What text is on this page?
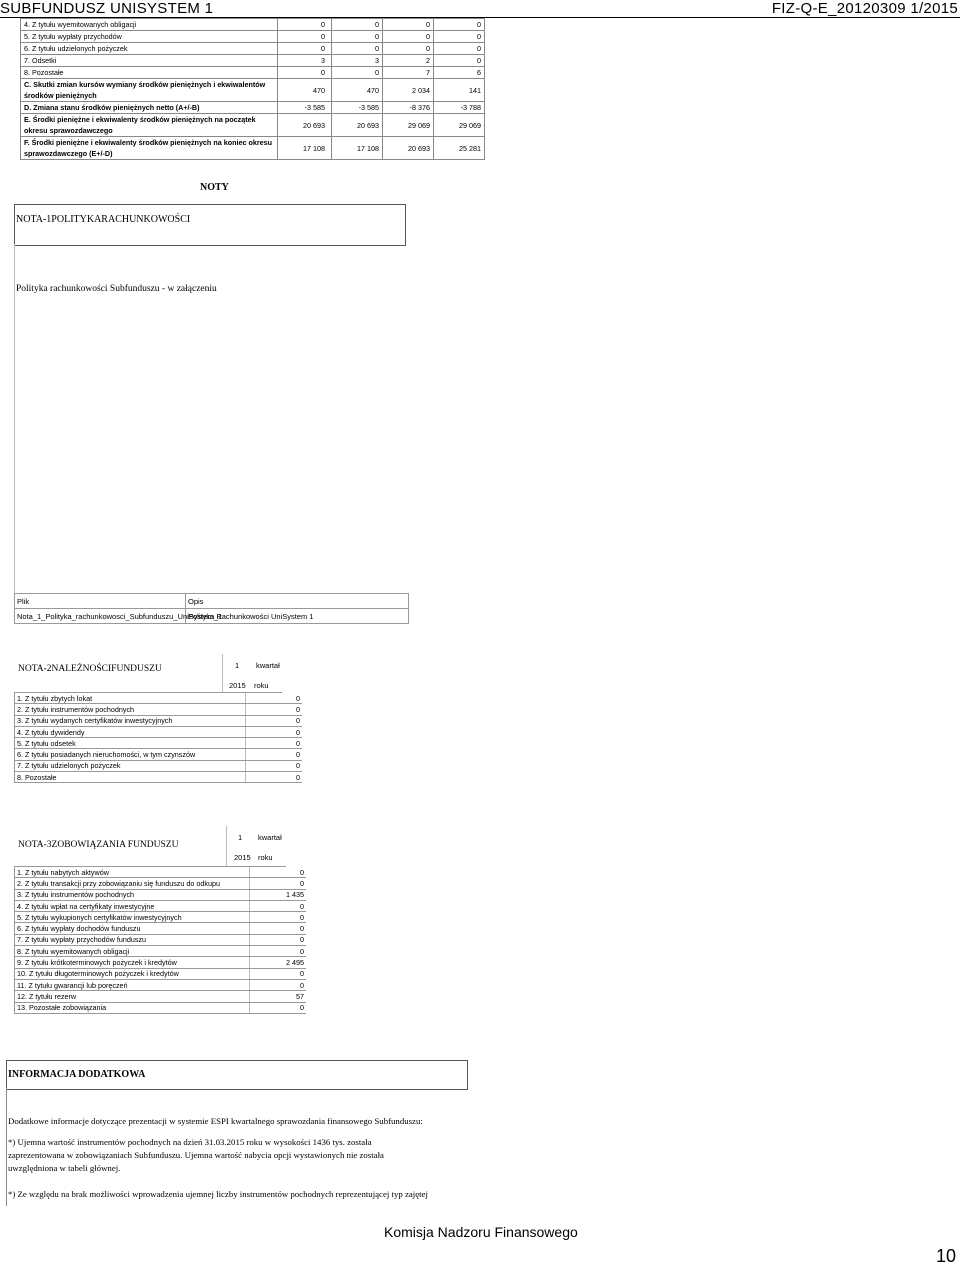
SUBFUNDUSZ UNISYSTEM 1	FIZ-Q-E_20120309 1/2015
4. Z tytułu wyemitowanych obligacji	0	0	0	0
5. Z tytułu wypłaty przychodów	0	0	0	0
6. Z tytułu udzielonych pożyczek	0	0	0	0
7. Odsetki	3	3	2	0
8. Pozostałe	0	0	7	6
C. Skutki zmian kursów wymiany środków pieniężnych i ekwiwalentów środków pieniężnych	470	470	2 034	141
D. Zmiana stanu środków pieniężnych netto (A+/-B)	-3 585	-3 585	-8 376	-3 788
E. Środki pieniężne i ekwiwalenty środków pieniężnych na początek okresu sprawozdawczego	20 693	20 693	29 069	29 069
F. Środki pieniężne i ekwiwalenty środków pieniężnych na koniec okresu sprawozdawczego (E+/-D)	17 108	17 108	20 693	25 281
NOTY
NOTA-1POLITYKARACHUNKOWOŚCI
Polityka rachunkowości Subfunduszu - w załączeniu
Plik	Opis
Nota_1_Polityka_rachunkowosci_Subfunduszu_UniSystem_1	Polityka Rachunkowości UniSystem 1
NOTA-2NALEŻNOŚCIFUNDUSZU	1 kwartał
2015 roku
1. Z tytułu zbytych lokat	0
2. Z tytułu instrumentów pochodnych	0
3. Z tytułu wydanych certyfikatów inwestycyjnych	0
4. Z tytułu dywidendy	0
5. Z tytułu odsetek	0
6. Z tytułu posiadanych nieruchomości, w tym czynszów	0
7. Z tytułu udzielonych pożyczek	0
8. Pozostałe	0
NOTA-3ZOBOWIĄZANIA FUNDUSZU
1 kwartał
2015 roku
1. Z tytułu nabytych aktywów	0
2. Z tytułu transakcji przy zobowiązaniu się funduszu do odkupu	0
3. Z tytułu instrumentów pochodnych	1 435
4. Z tytułu wpłat na certyfikaty inwestycyjne	0
5. Z tytułu wykupionych certyfikatów inwestycyjnych	0
6. Z tytułu wypłaty dochodów funduszu	0
7. Z tytułu wypłaty przychodów funduszu	0
8. Z tytułu wyemitowanych obligacji	0
9. Z tytułu krótkoterminowych pożyczek i kredytów	2 495
10. Z tytułu długoterminowych pożyczek i kredytów	0
11. Z tytułu gwarancji lub poręczeń	0
12. Z tytułu rezerw	57
13. Pozostałe zobowiązania	0
INFORMACJA DODATKOWA
Dodatkowe informacje dotyczące prezentacji w systemie ESPI kwartalnego sprawozdania finansowego Subfunduszu:
*) Ujemna wartość instrumentów pochodnych na dzień 31.03.2015 roku w wysokości 1436 tys. została
zaprezentowana w zobowiązaniach Subfunduszu. Ujemna wartość nabycia opcji wystawionych nie została
uwzględniona w tabeli głównej.
*) Ze względu na brak możliwości wprowadzenia ujemnej liczby instrumentów pochodnych reprezentującej typ zajętej
Komisja Nadzoru Finansowego
10
